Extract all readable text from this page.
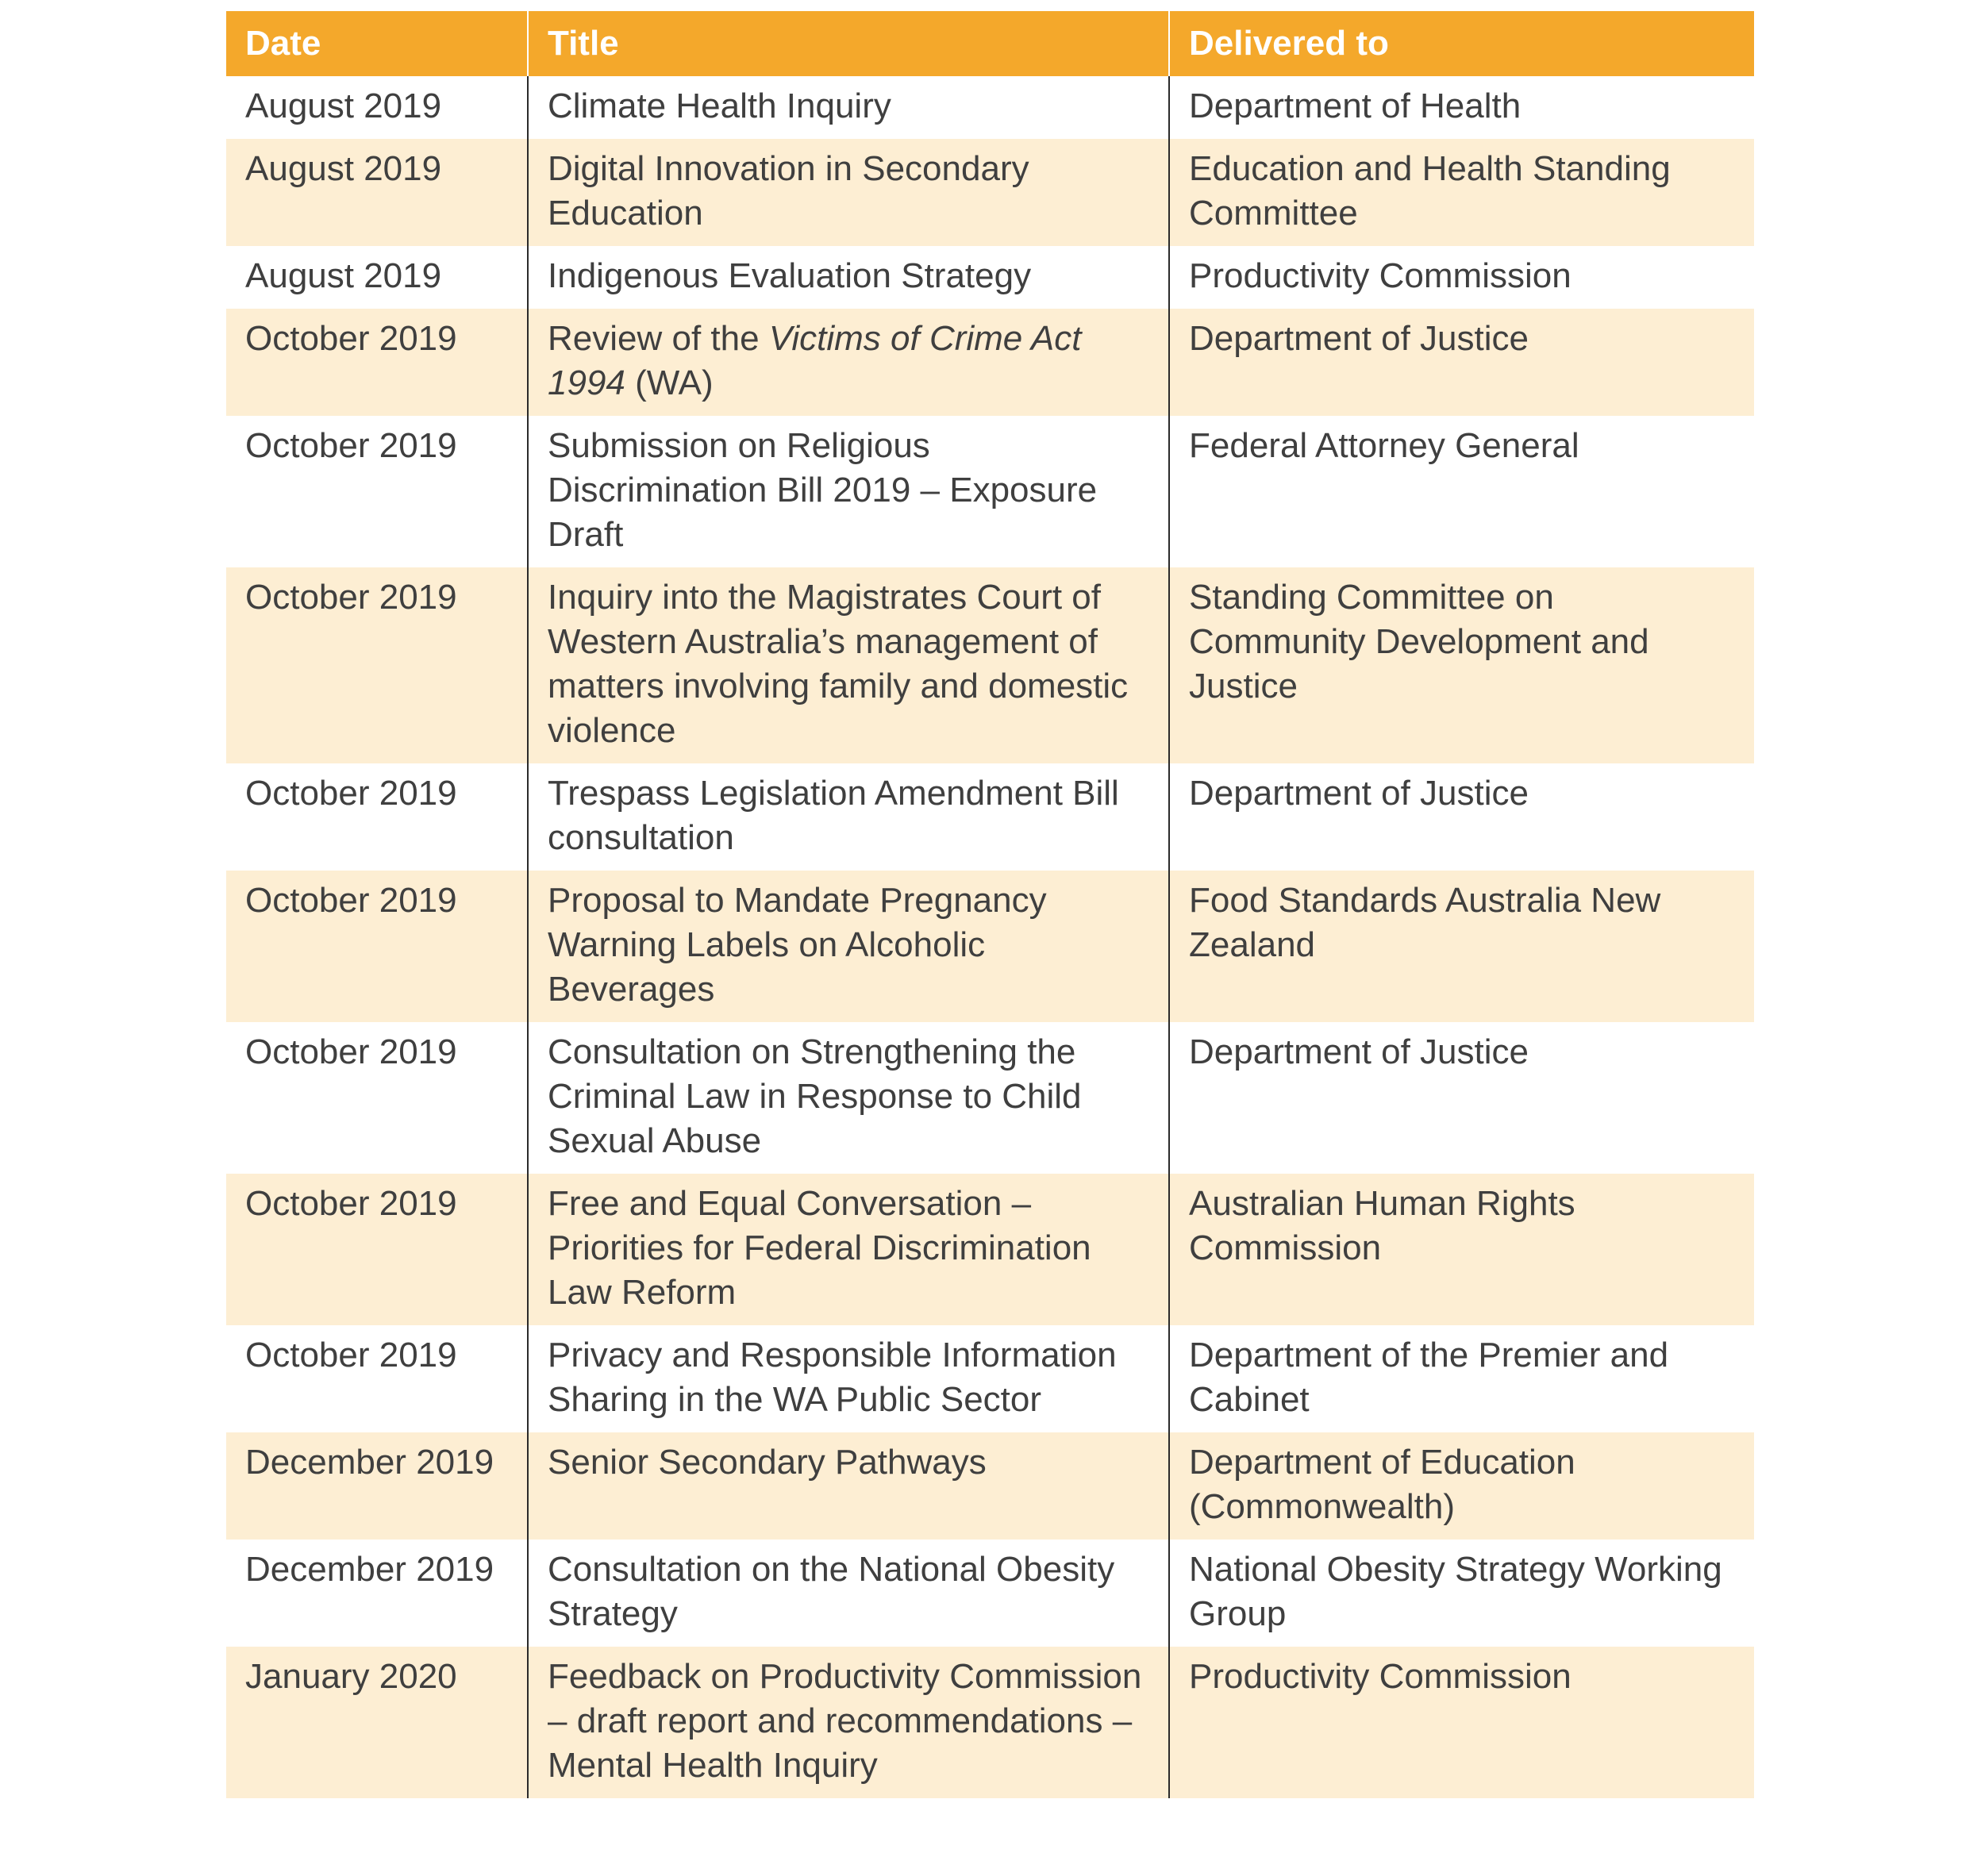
Date	Title	Delivered to
August 2019	Climate Health Inquiry	Department of Health
August 2019	Digital Innovation in Secondary Education	Education and Health Standing Committee
August 2019	Indigenous Evaluation Strategy	Productivity Commission
October 2019	Review of the Victims of Crime Act 1994 (WA)	Department of Justice
October 2019	Submission on Religious Discrimination Bill 2019 – Exposure Draft	Federal Attorney General
October 2019	Inquiry into the Magistrates Court of Western Australia’s management of matters involving family and domestic violence	Standing Committee on Community Development and Justice
October 2019	Trespass Legislation Amendment Bill consultation	Department of Justice
October 2019	Proposal to Mandate Pregnancy Warning Labels on Alcoholic Beverages	Food Standards Australia New Zealand
October 2019	Consultation on Strengthening the Criminal Law in Response to Child Sexual Abuse	Department of Justice
October 2019	Free and Equal Conversation – Priorities for Federal Discrimination Law Reform	Australian Human Rights Commission
October 2019	Privacy and Responsible Information Sharing in the WA Public Sector	Department of the Premier and Cabinet
December 2019	Senior Secondary Pathways	Department of Education (Commonwealth)
December 2019	Consultation on the National Obesity Strategy	National Obesity Strategy Working Group
January 2020	Feedback on Productivity Commission – draft report and recommendations – Mental Health Inquiry	Productivity Commission
